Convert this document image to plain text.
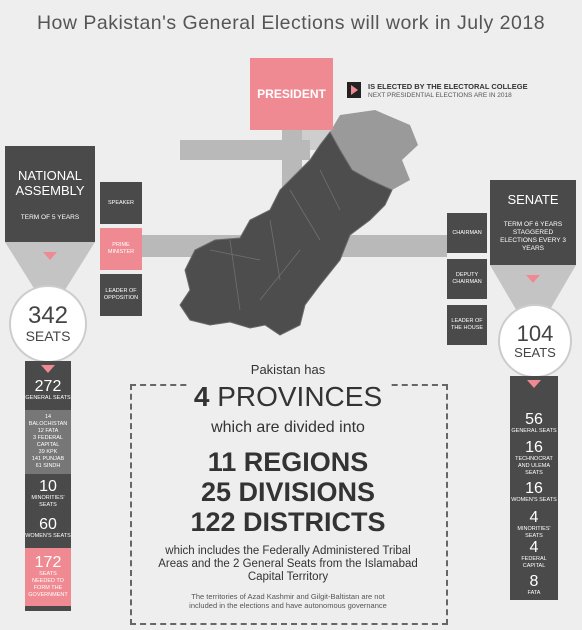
How Pakistan's General Elections will work in July 2018
PRESIDENT
IS ELECTED BY THE ELECTORAL COLLEGE
NEXT PRESIDENTIAL ELECTIONS ARE IN 2018
NATIONAL ASSEMBLY
TERM OF 5 YEARS
342
SEATS
272
GENERAL SEATS
14 BALOCHISTAN
12 FATA
3 FEDERAL CAPITAL
39 KPK
141 PUNJAB
61 SINDH
10
MINORITIES' SEATS
60
WOMEN'S SEATS
172
SEATS NEEDED TO FORM THE GOVERNMENT
SPEAKER
PRIME MINISTER
LEADER OF OPPOSITION
SENATE
TERM OF 6 YEARS STAGGERED ELECTIONS EVERY 3 YEARS
104
SEATS
56
GENERAL SEATS
16
TECHNOCRAT AND ULEMA SEATS
16
WOMEN'S SEATS
4
MINORITIES' SEATS
4
FEDERAL CAPITAL
8
FATA
CHAIRMAN
DEPUTY CHAIRMAN
LEADER OF THE HOUSE
Pakistan has
4 PROVINCES
which are divided into
11 REGIONS
25 DIVISIONS
122 DISTRICTS
which includes the Federally Administered Tribal Areas and the 2 General Seats from the Islamabad Capital Territory
The territories of Azad Kashmir and Gilgit-Baltistan are not included in the elections and have autonomous governance
